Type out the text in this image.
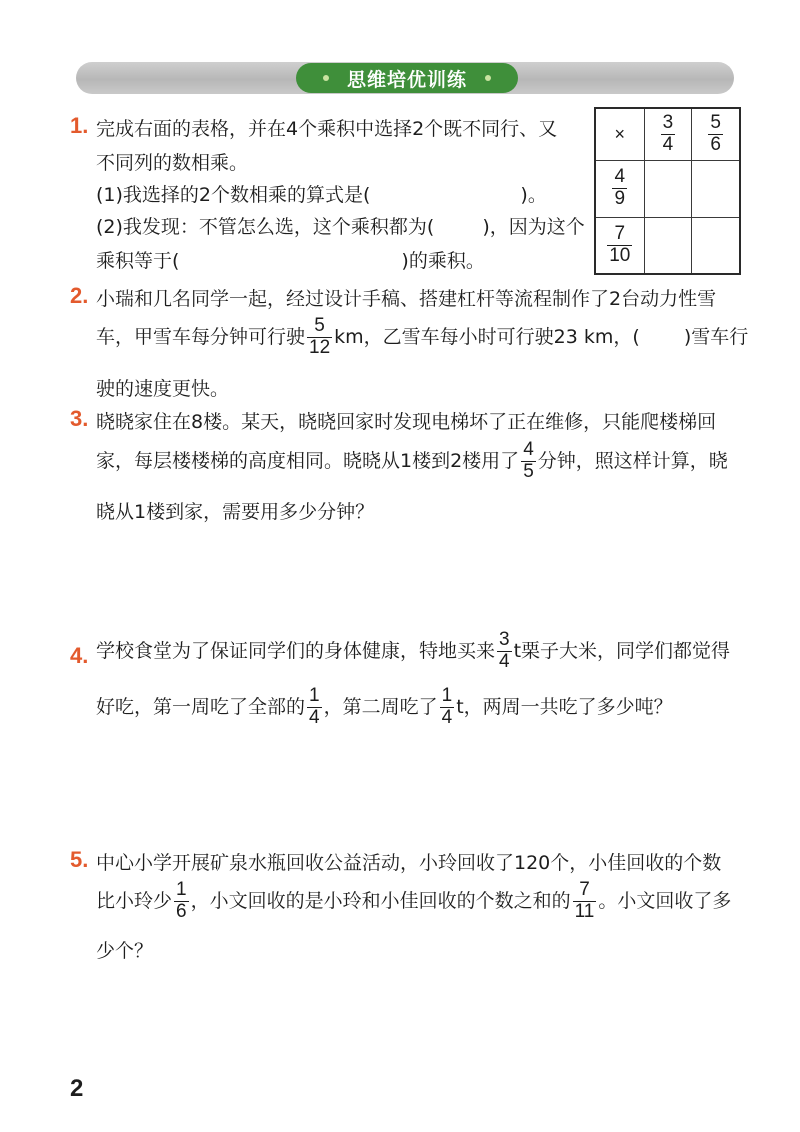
思维培优训练
1. 完成右面的表格，并在4个乘积中选择2个既不同行、又
不同列的数相乘。
(1)我选择的2个数相乘的算式是(	)。
(2)我发现：不管怎么选，这个乘积都为(	)，因为这个
乘积等于(	)的乘积。
×	$\frac{3}{4}$	$\frac{5}{6}$

$\frac{4}{9}$

$\frac{7}{10}$

2. 小瑞和几名同学一起，经过设计手稿、搭建杠杆等流程制作了2台动力性雪
车，甲雪车每分钟可行驶 $\frac{5}{12}$ km，乙雪车每小时可行驶23 km，( )雪车行
驶的速度更快。
3. 晓晓家住在8楼。某天，晓晓回家时发现电梯坏了正在维修，只能爬楼梯回
家，每层楼楼梯的高度相同。晓晓从1楼到2楼用了 $\frac{4}{5}$ 分钟，照这样计算，晓
晓从1楼到家，需要用多少分钟？
4. 学校食堂为了保证同学们的身体健康，特地买来 $\frac{3}{4}$ t栗子大米，同学们都觉得
好吃，第一周吃了全部的 $\frac{1}{4}$ ，第二周吃了 $\frac{1}{4}$ t，两周一共吃了多少吨？
5. 中心小学开展矿泉水瓶回收公益活动，小玲回收了120个，小佳回收的个数
比小玲少 $\frac{1}{6}$ ，小文回收的是小玲和小佳回收的个数之和的 $\frac{7}{11}$ 。小文回收了多
少个？
2
